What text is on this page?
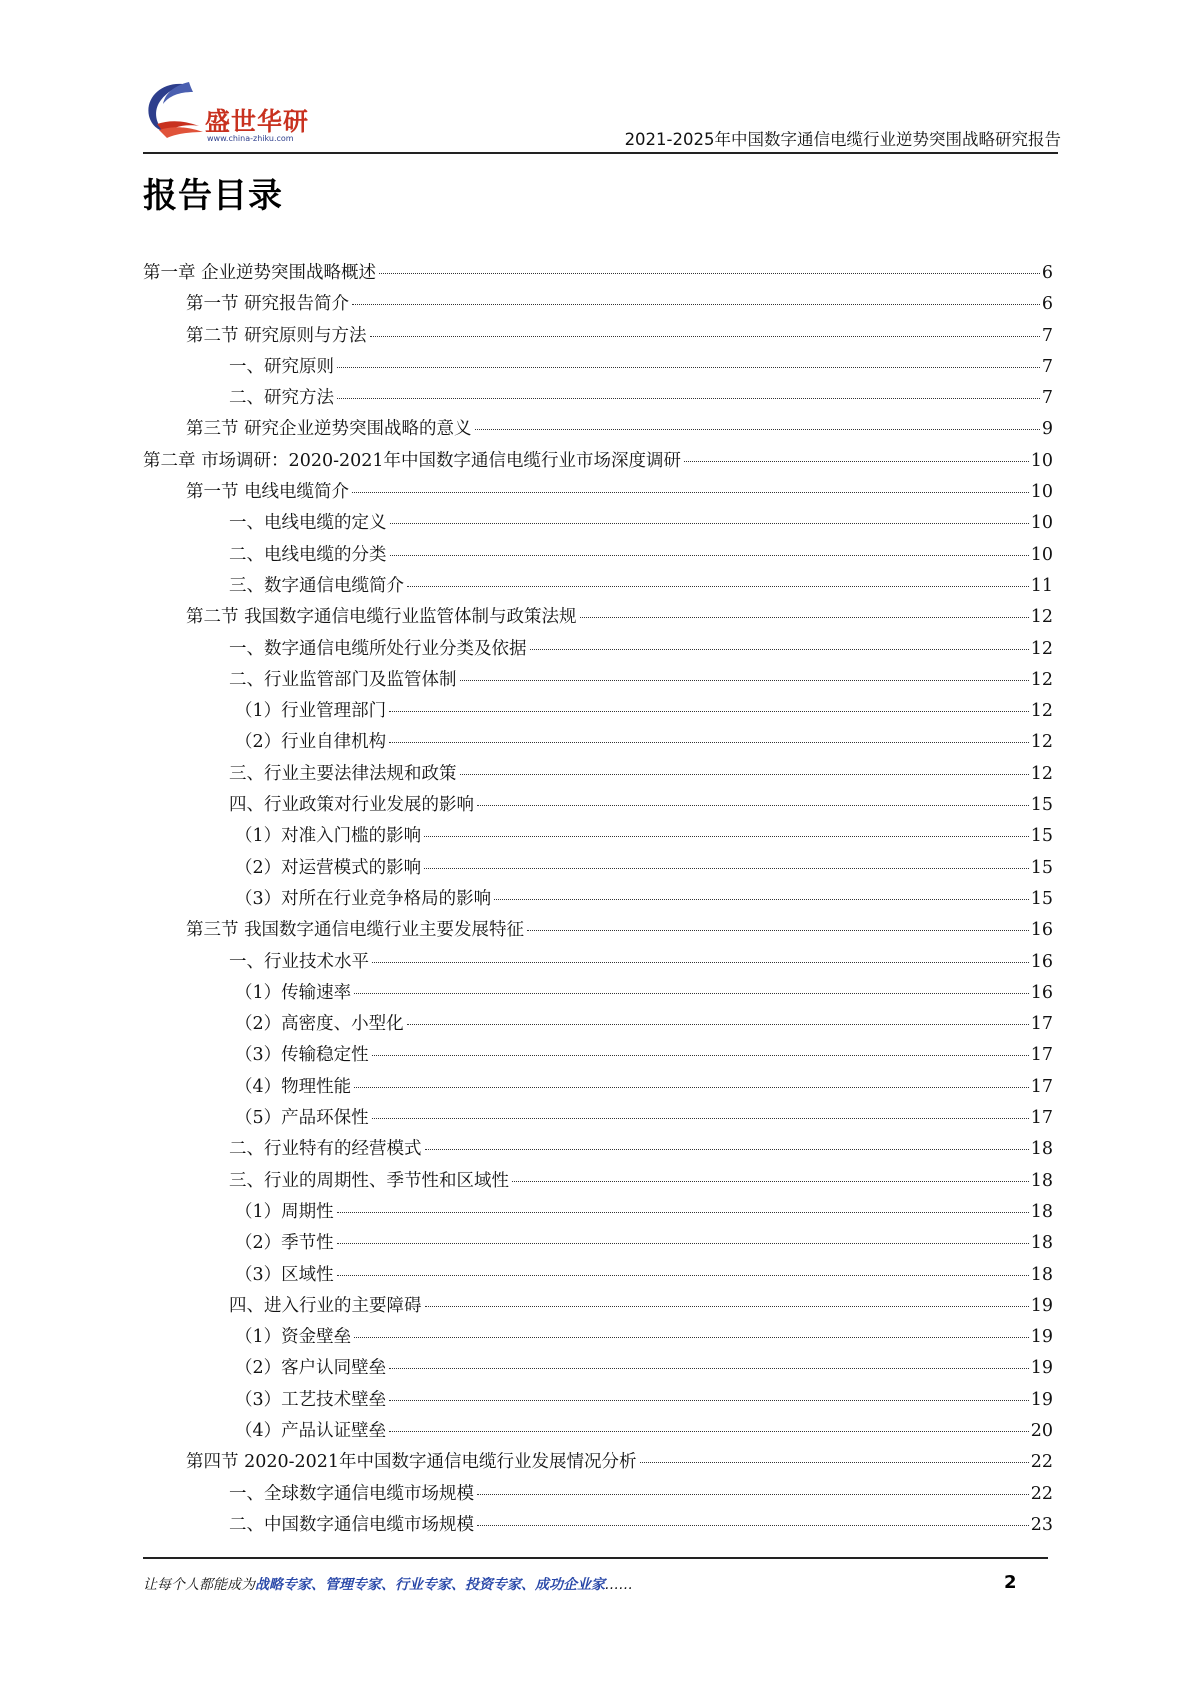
盛世华研
www.china-zhiku.com	2021-2025年中国数字通信电缆行业逆势突围战略研究报告
报告目录
第一章 企业逆势突围战略概述	6
第一节 研究报告简介	6
第二节 研究原则与方法	7
一、研究原则	7
二、研究方法	7
第三节 研究企业逆势突围战略的意义	9
第二章 市场调研：2020-2021年中国数字通信电缆行业市场深度调研	10
第一节 电线电缆简介	10
一、电线电缆的定义	10
二、电线电缆的分类	10
三、数字通信电缆简介	11
第二节 我国数字通信电缆行业监管体制与政策法规	12
一、数字通信电缆所处行业分类及依据	12
二、行业监管部门及监管体制	12
（1）行业管理部门	12
（2）行业自律机构	12
三、行业主要法律法规和政策	12
四、行业政策对行业发展的影响	15
（1）对准入门槛的影响	15
（2）对运营模式的影响	15
（3）对所在行业竞争格局的影响	15
第三节 我国数字通信电缆行业主要发展特征	16
一、行业技术水平	16
（1）传输速率	16
（2）高密度、小型化	17
（3）传输稳定性	17
（4）物理性能	17
（5）产品环保性	17
二、行业特有的经营模式	18
三、行业的周期性、季节性和区域性	18
（1）周期性	18
（2）季节性	18
（3）区域性	18
四、进入行业的主要障碍	19
（1）资金壁垒	19
（2）客户认同壁垒	19
（3）工艺技术壁垒	19
（4）产品认证壁垒	20
第四节 2020-2021年中国数字通信电缆行业发展情况分析	22
一、全球数字通信电缆市场规模	22
二、中国数字通信电缆市场规模	23
让每个人都能成为战略专家、管理专家、行业专家、投资专家、成功企业家……	2
